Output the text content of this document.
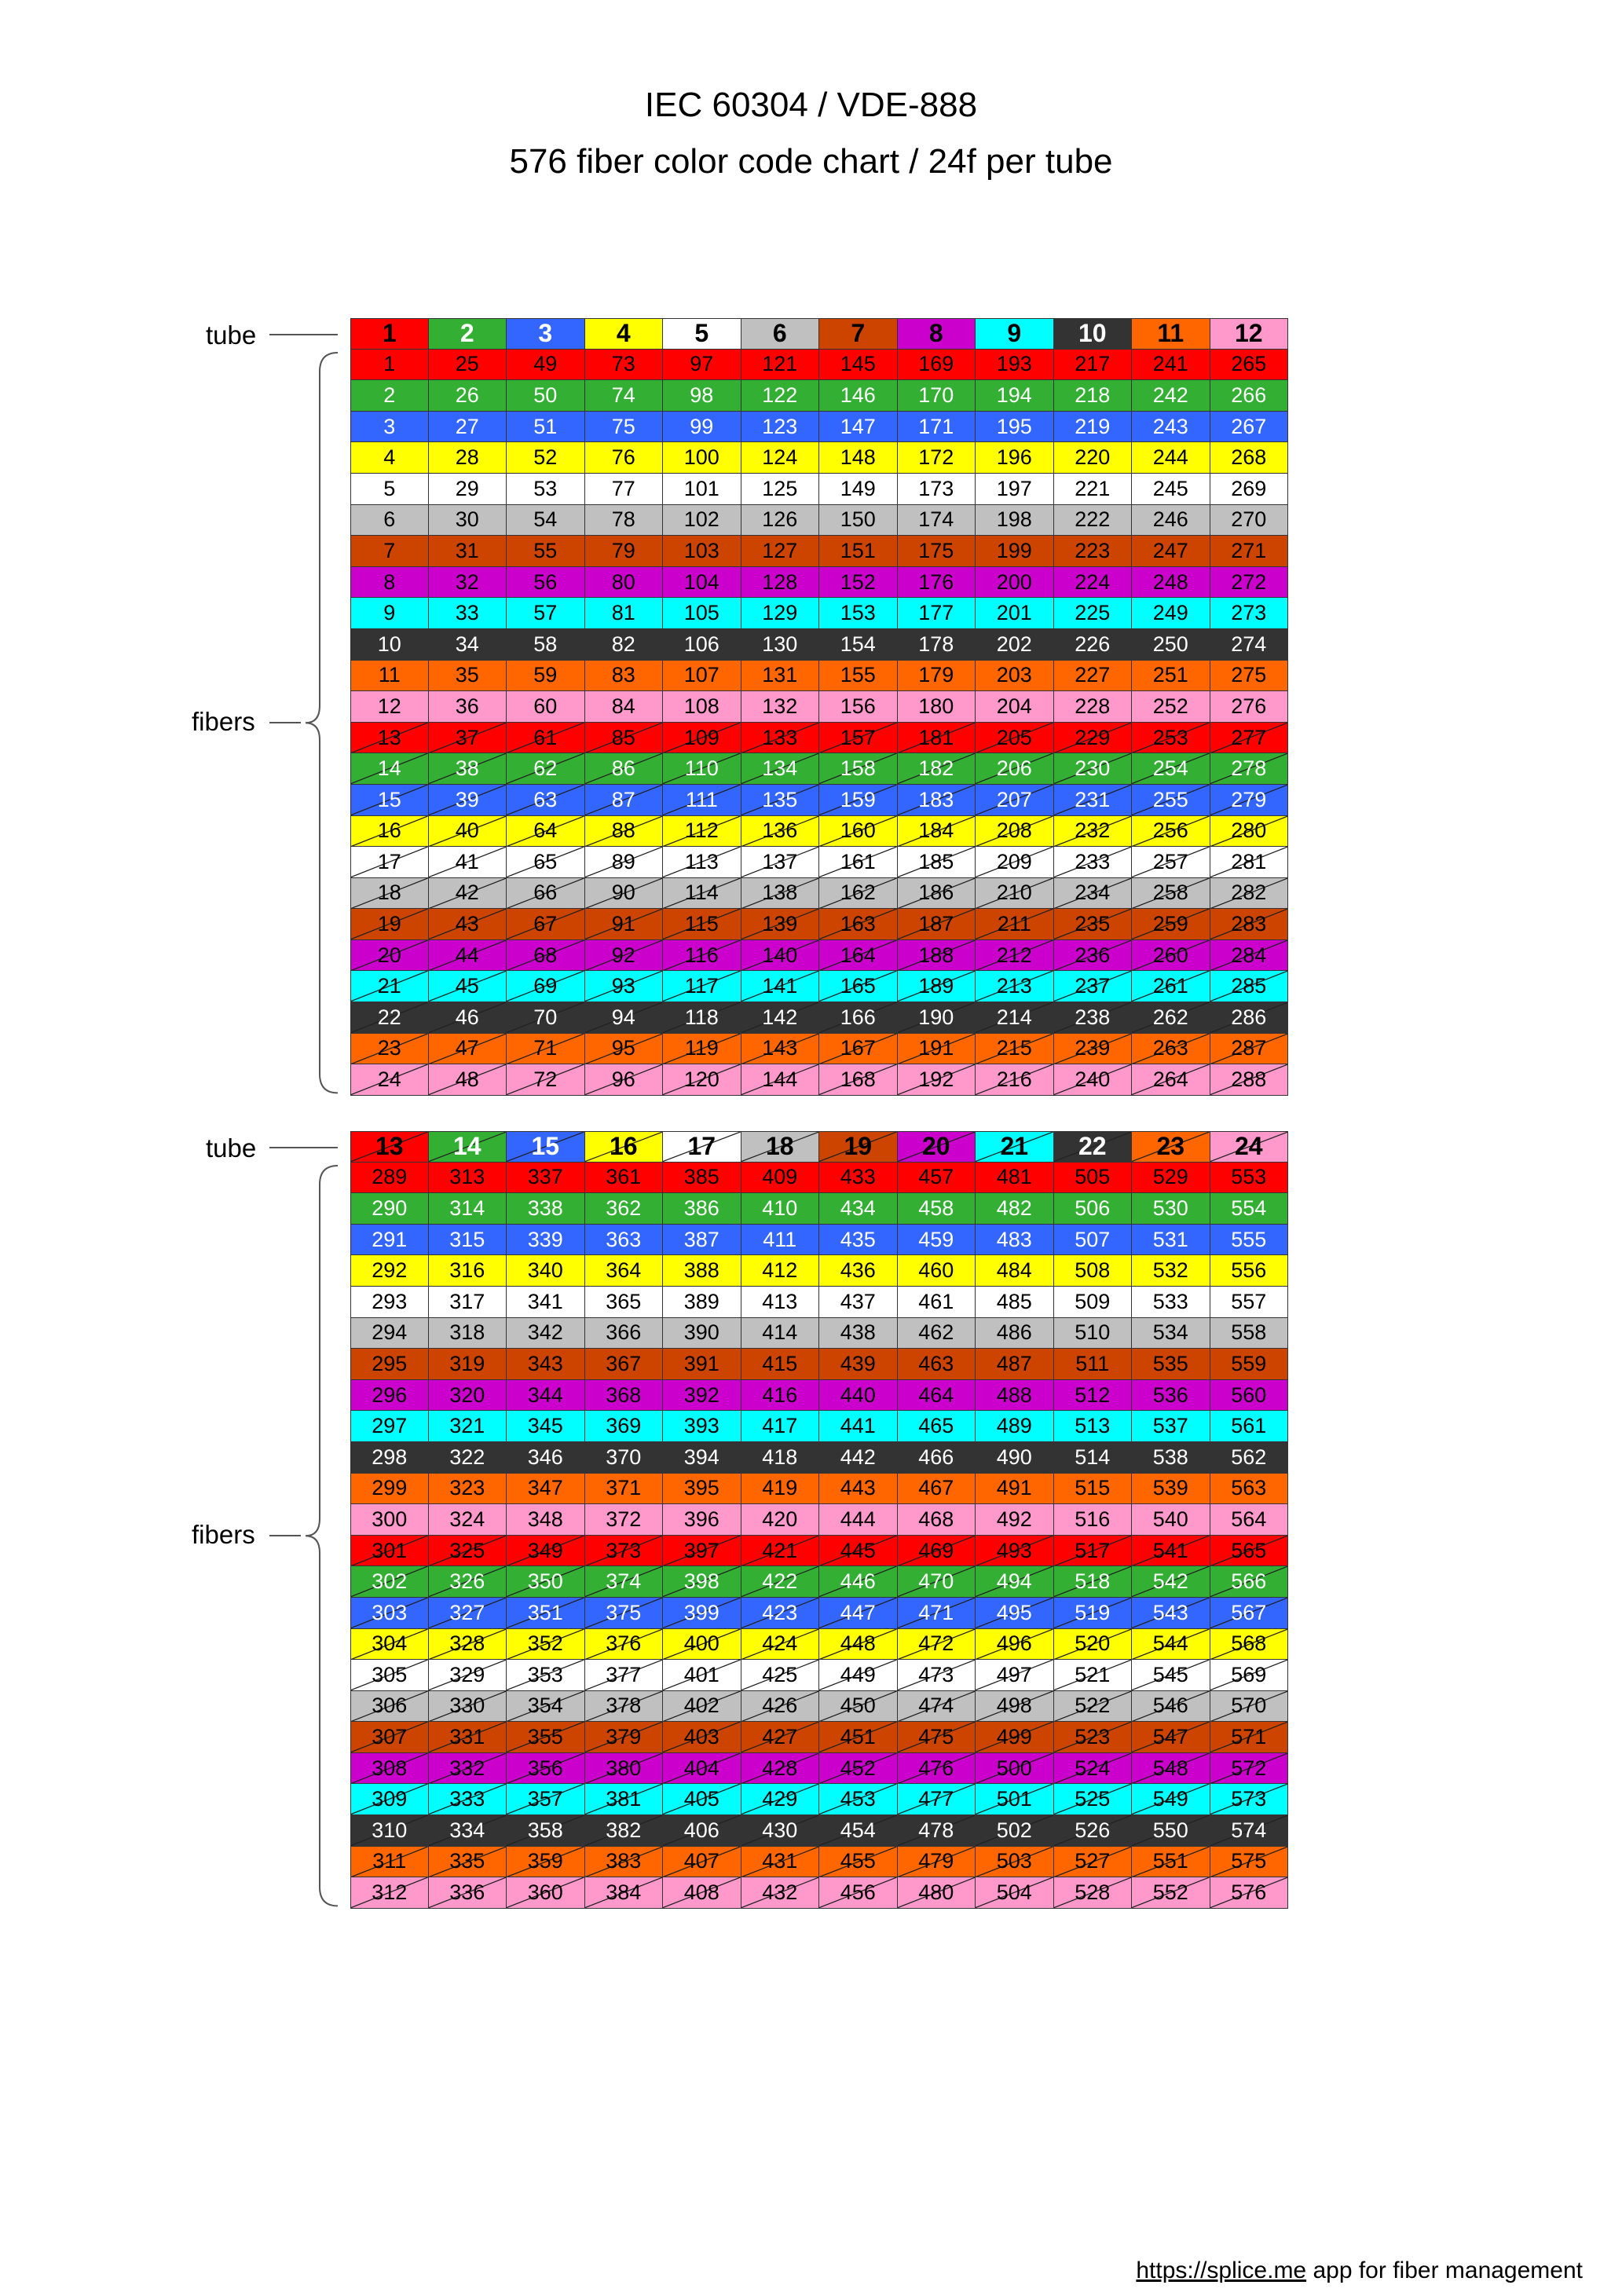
IEC 60304 / VDE-888
576 fiber color code chart / 24f per tube
tube
fibers
1	2	3	4	5	6	7	8	9 10 11 12
1	25	49	73	97 121 145 169 193 217 241 265
2	26	50	74	98 122 146 170 194 218 242 266
3	27	51	75	99 123 147 171 195 219 243 267
4	28	52	76 100 124 148 172 196 220 244 268
5	29	53	77 101 125 149 173 197 221 245 269
6	30	54	78 102 126 150 174 198 222 246 270
7	31	55	79 103 127 151 175 199 223 247 271
8	32	56	80 104 128 152 176 200 224 248 272
9	33	57	81 105 129 153 177 201 225 249 273
10	34	58	82 106 130 154 178 202 226 250 274
11	35	59	83 107 131 155 179 203 227 251 275
12	36	60	84 108 132 156 180 204 228 252 276
13	37	61	85 109 133 157 181 205 229 253 277
14	38	62	86 110 134 158 182 206 230 254 278
15	39	63	87 111 135 159 183 207 231 255 279
16	40	64	88 112 136 160 184 208 232 256 280
17	41	65	89 113 137 161 185 209 233 257 281
18	42	66	90 114 138 162 186 210 234 258 282
19	43	67	91 115 139 163 187 211 235 259 283
20	44	68	92 116 140 164 188 212 236 260 284
21	45	69	93 117 141 165 189 213 237 261 285
22	46	70	94 118 142 166 190 214 238 262 286
23	47	71	95 119 143 167 191 215 239 263 287
24	48	72	96 120 144 168 192 216 240 264 288
tube
fibers
13 14 15 16 17 18 19 20 21 22 23 24
289 313 337 361 385 409 433 457 481 505 529 553
290 314 338 362 386 410 434 458 482 506 530 554
291 315 339 363 387 411 435 459 483 507 531 555
292 316 340 364 388 412 436 460 484 508 532 556
293 317 341 365 389 413 437 461 485 509 533 557
294 318 342 366 390 414 438 462 486 510 534 558
295 319 343 367 391 415 439 463 487 511 535 559
296 320 344 368 392 416 440 464 488 512 536 560
297 321 345 369 393 417 441 465 489 513 537 561
298 322 346 370 394 418 442 466 490 514 538 562
299 323 347 371 395 419 443 467 491 515 539 563
300 324 348 372 396 420 444 468 492 516 540 564
301 325 349 373 397 421 445 469 493 517 541 565
302 326 350 374 398 422 446 470 494 518 542 566
303 327 351 375 399 423 447 471 495 519 543 567
304 328 352 376 400 424 448 472 496 520 544 568
305 329 353 377 401 425 449 473 497 521 545 569
306 330 354 378 402 426 450 474 498 522 546 570
307 331 355 379 403 427 451 475 499 523 547 571
308 332 356 380 404 428 452 476 500 524 548 572
309 333 357 381 405 429 453 477 501 525 549 573
310 334 358 382 406 430 454 478 502 526 550 574
311 335 359 383 407 431 455 479 503 527 551 575
312 336 360 384 408 432 456 480 504 528 552 576
https://splice.me app for fiber management
